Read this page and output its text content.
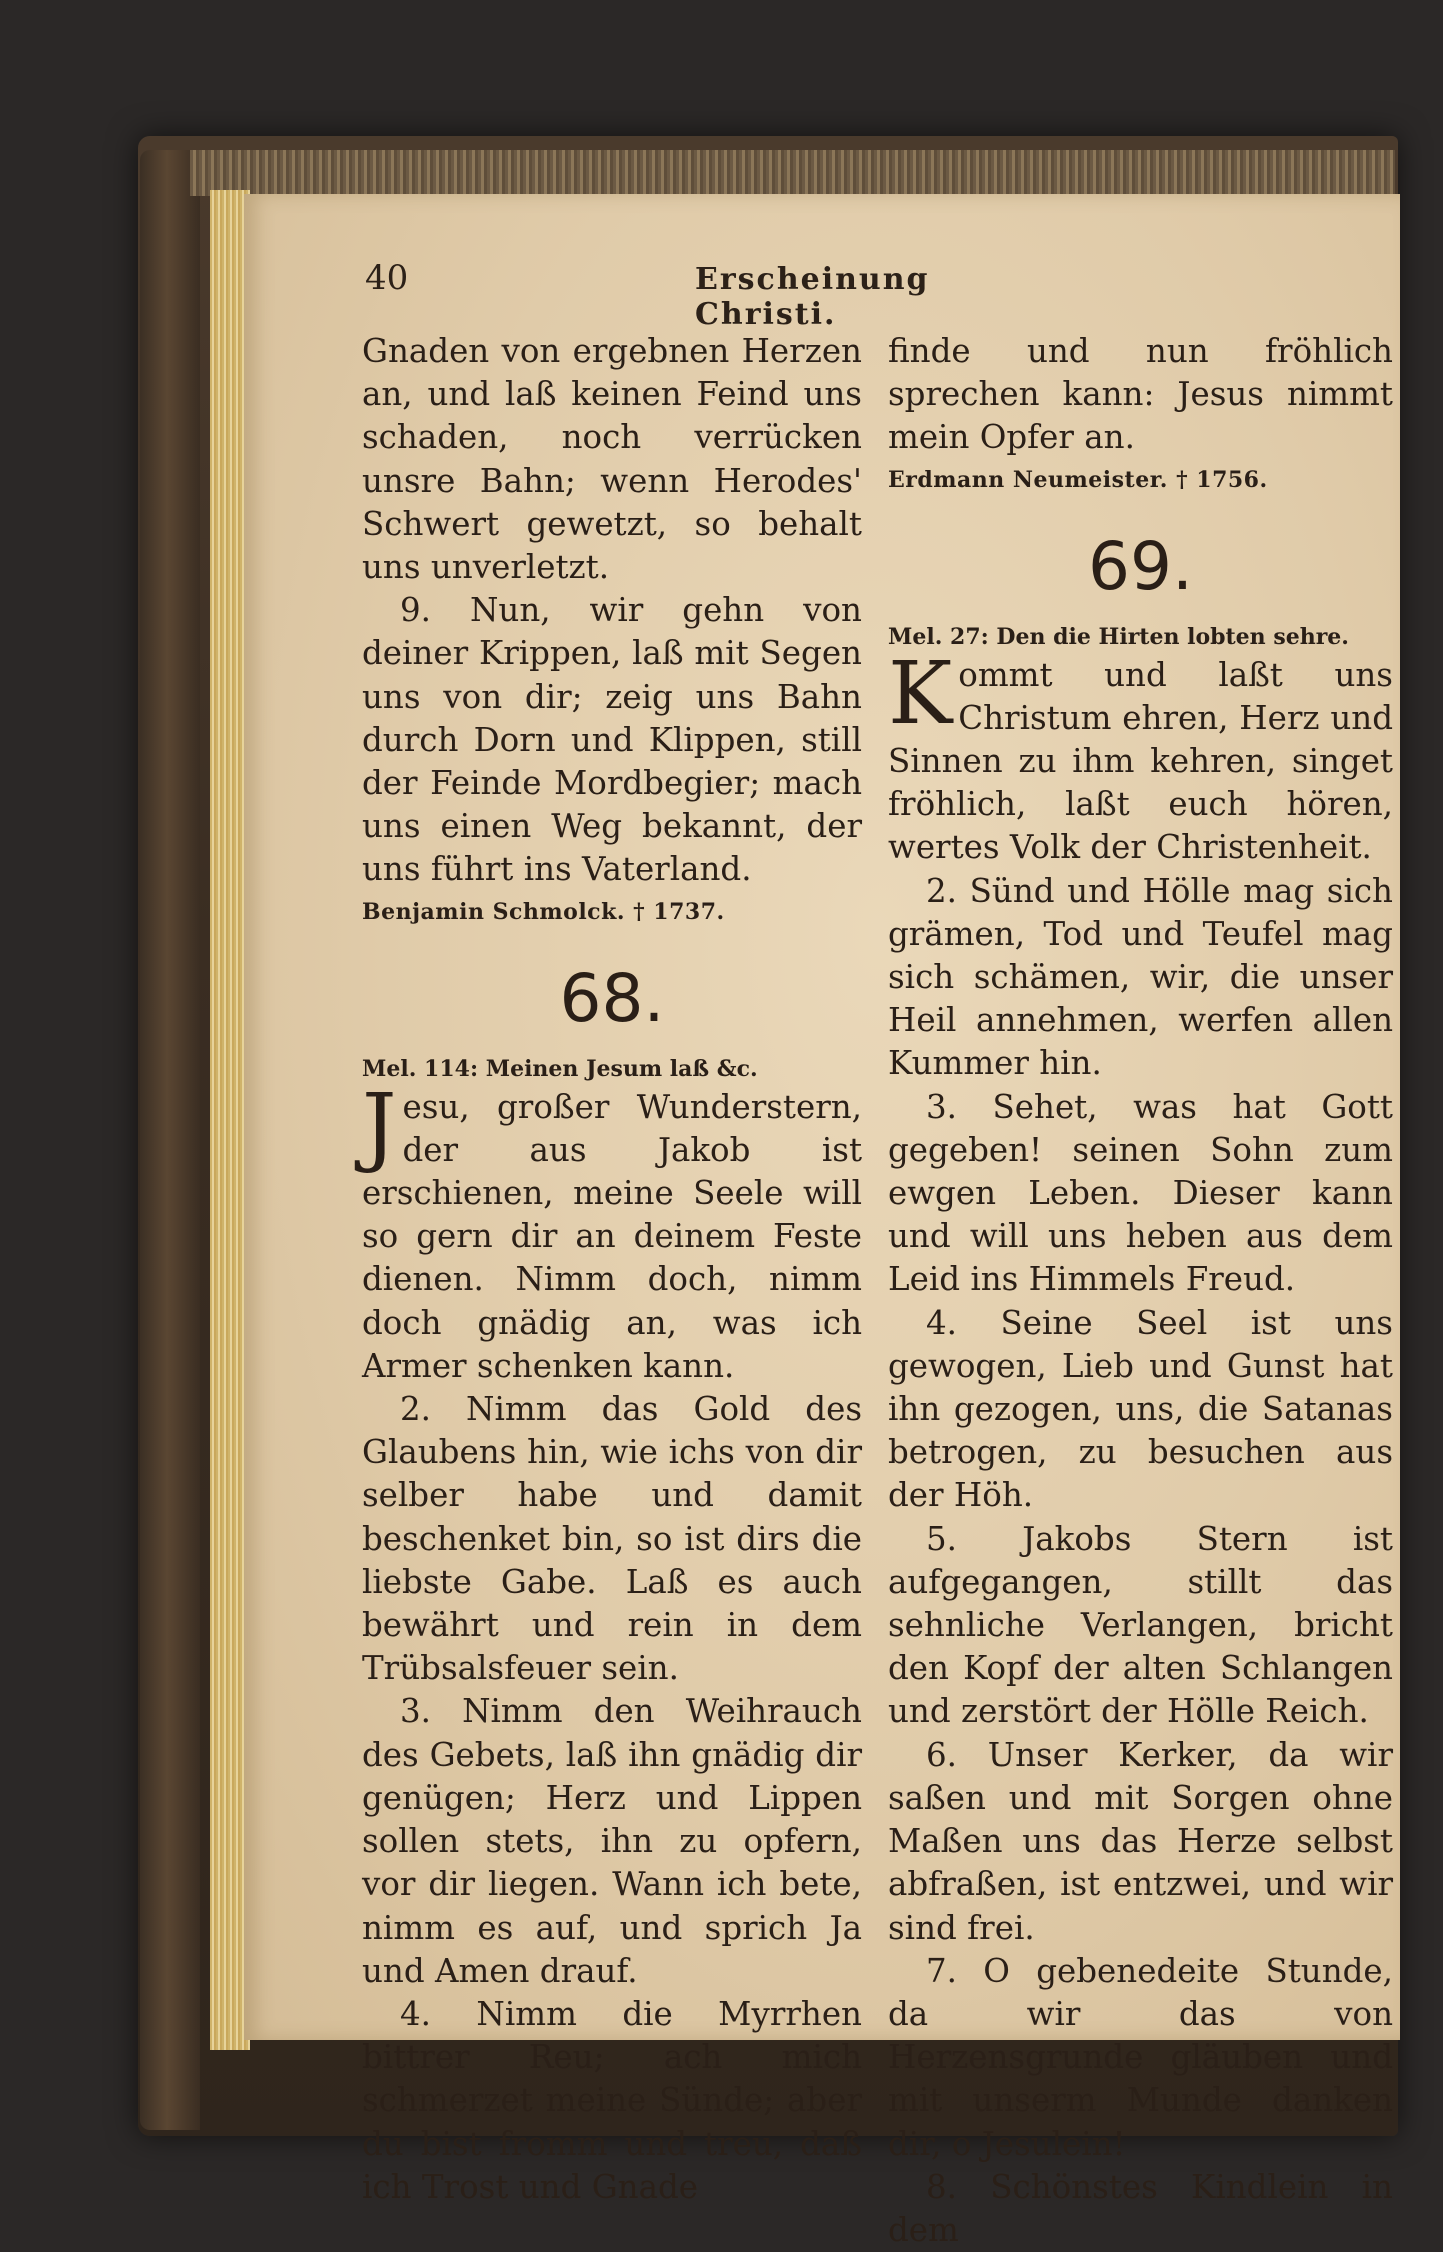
40	Erscheinung Christi.

Gnaden von ergebnen Herzen an, und laß keinen Feind uns schaden, noch verrücken unsre Bahn; wenn Herodes' Schwert gewetzt, so behalt uns unverletzt.

9. Nun, wir gehn von deiner Krippen, laß mit Segen uns von dir; zeig uns Bahn durch Dorn und Klippen, still der Feinde Mordbegier; mach uns einen Weg bekannt, der uns führt ins Vaterland.

Benjamin Schmolck. † 1737.

68.

Mel. 114: Meinen Jesum laß &c.

Jesu, großer Wunderstern, der aus Jakob ist erschienen, meine Seele will so gern dir an deinem Feste dienen. Nimm doch, nimm doch gnädig an, was ich Armer schenken kann.

2. Nimm das Gold des Glaubens hin, wie ichs von dir selber habe und damit beschenket bin, so ist dirs die liebste Gabe. Laß es auch bewährt und rein in dem Trübsalsfeuer sein.

3. Nimm den Weihrauch des Gebets, laß ihn gnädig dir genügen; Herz und Lippen sollen stets, ihn zu opfern, vor dir liegen. Wann ich bete, nimm es auf, und sprich Ja und Amen drauf.

4. Nimm die Myrrhen bittrer Reu; ach mich schmerzet meine Sünde; aber du bist fromm und treu, daß ich Trost und Gnade

finde und nun fröhlich sprechen kann: Jesus nimmt mein Opfer an.

Erdmann Neumeister. † 1756.

69.

Mel. 27: Den die Hirten lobten sehre.

Kommt und laßt uns Christum ehren, Herz und Sinnen zu ihm kehren, singet fröhlich, laßt euch hören, wertes Volk der Christenheit.

2. Sünd und Hölle mag sich grämen, Tod und Teufel mag sich schämen, wir, die unser Heil annehmen, werfen allen Kummer hin.

3. Sehet, was hat Gott gegeben! seinen Sohn zum ewgen Leben. Dieser kann und will uns heben aus dem Leid ins Himmels Freud.

4. Seine Seel ist uns gewogen, Lieb und Gunst hat ihn gezogen, uns, die Satanas betrogen, zu besuchen aus der Höh.

5. Jakobs Stern ist aufgegangen, stillt das sehnliche Verlangen, bricht den Kopf der alten Schlangen und zerstört der Hölle Reich.

6. Unser Kerker, da wir saßen und mit Sorgen ohne Maßen uns das Herze selbst abfraßen, ist entzwei, und wir sind frei.

7. O gebenedeite Stunde, da wir das von Herzensgrunde gläuben und mit unserm Munde danken dir, o Jesulein!

8. Schönstes Kindlein in dem
